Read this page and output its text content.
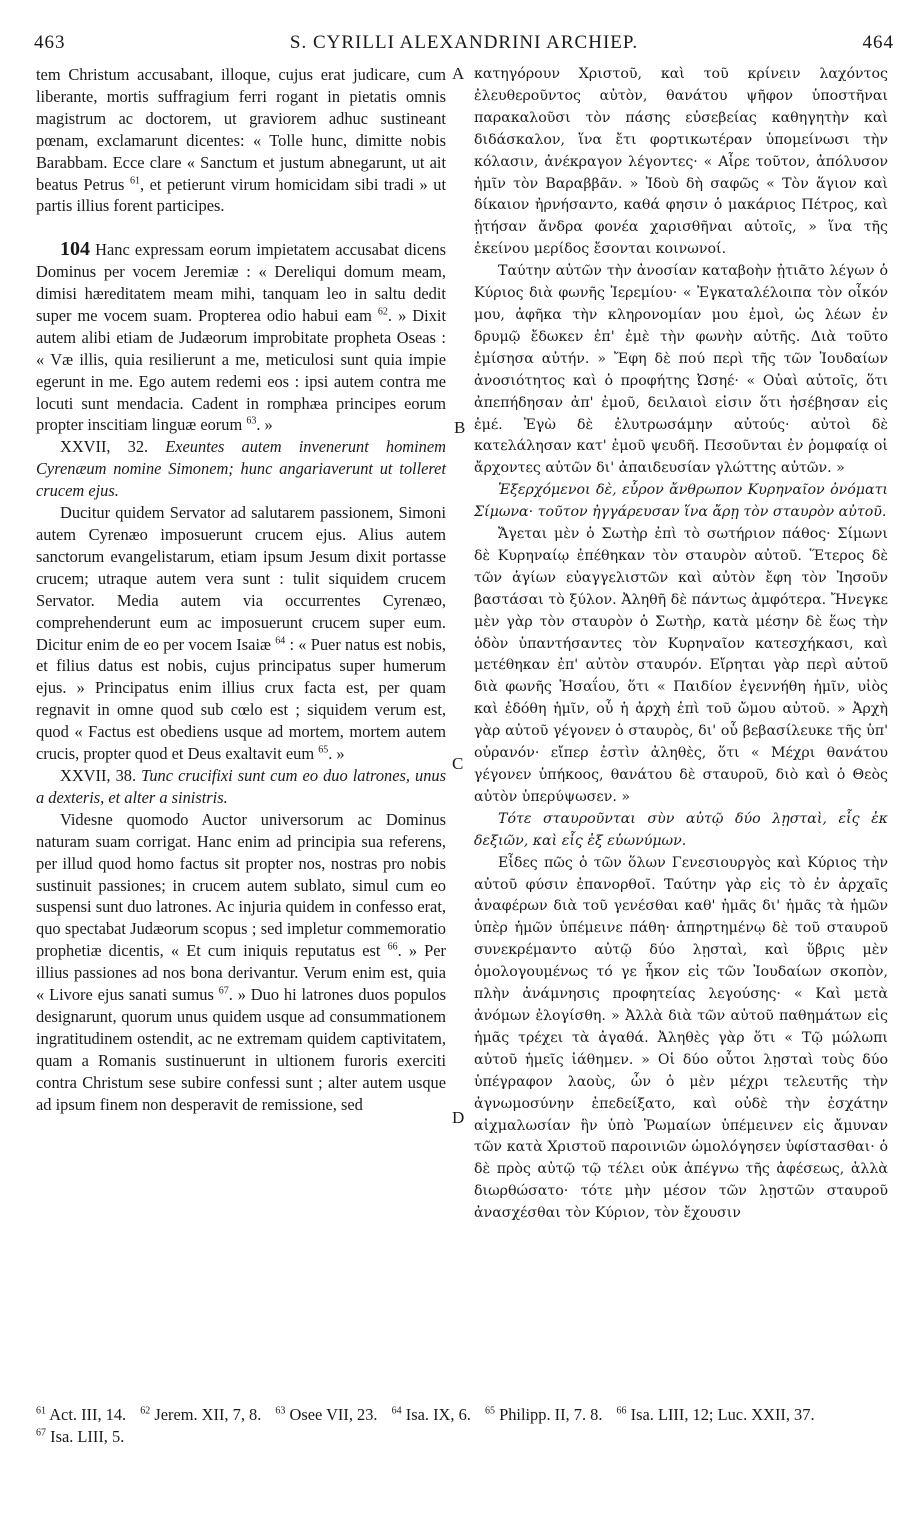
463	S. CYRILLI ALEXANDRINI ARCHIEP.	464
A
B
C
D

tem Christum accusabant, illoque, cujus erat judicare, cum liberante, mortis suffragium ferri rogant in pietatis omnis magistrum ac doctorem, ut graviorem adhuc sustineant pœnam, exclamarunt dicentes: « Tolle hunc, dimitte nobis Barabbam. Ecce clare « Sanctum et justum abnegarunt, ut ait beatus Petrus $^{61}$, et petierunt virum homicidam sibi tradi » ut partis illius forent participes.

104 Hanc expressam eorum impietatem accusabat dicens Dominus per vocem Jeremiæ : « Dereliqui domum meam, dimisi hæreditatem meam mihi, tanquam leo in saltu dedit super me vocem suam. Propterea odio habui eam $^{62}$. » Dixit autem alibi etiam de Judæorum improbitate propheta Oseas : « Væ illis, quia resilierunt a me, meticulosi sunt quia impie egerunt in me. Ego autem redemi eos : ipsi autem contra me locuti sunt mendacia. Cadent in romphæa principes eorum propter inscitiam linguæ eorum $^{63}$. »

XXVII, 32. Exeuntes autem invenerunt hominem Cyrenæum nomine Simonem; hunc angariaverunt ut tolleret crucem ejus.

Ducitur quidem Servator ad salutarem passionem, Simoni autem Cyrenæo imposuerunt crucem ejus. Alius autem sanctorum evangelistarum, etiam ipsum Jesum dixit portasse crucem; utraque autem vera sunt : tulit siquidem crucem Servator. Media autem via occurrentes Cyrenæo, comprehenderunt eum ac imposuerunt crucem super eum. Dicitur enim de eo per vocem Isaiæ $^{64}$ : « Puer natus est nobis, et filius datus est nobis, cujus principatus super humerum ejus. » Principatus enim illius crux facta est, per quam regnavit in omne quod sub cœlo est ; siquidem verum est, quod « Factus est obediens usque ad mortem, mortem autem crucis, propter quod et Deus exaltavit eum $^{65}$. »

XXVII, 38. Tunc crucifixi sunt cum eo duo latrones, unus a dexteris, et alter a sinistris.

Videsne quomodo Auctor universorum ac Dominus naturam suam corrigat. Hanc enim ad principia sua referens, per illud quod homo factus sit propter nos, nostras pro nobis sustinuit passiones; in crucem autem sublato, simul cum eo suspensi sunt duo latrones. Ac injuria quidem in confesso erat, quo spectabat Judæorum scopus ; sed impletur commemoratio prophetiæ dicentis, « Et cum iniquis reputatus est $^{66}$. » Per illius passiones ad nos bona derivantur. Verum enim est, quia « Livore ejus sanati sumus $^{67}$. » Duo hi latrones duos populos designarunt, quorum unus quidem usque ad consummationem ingratitudinem ostendit, ac ne extremam quidem captivitatem, quam a Romanis sustinuerunt in ultionem furoris exerciti contra Christum sese subire confessi sunt ; alter autem usque ad ipsum finem non desperavit de remissione, sed

κατηγόρουν Χριστοῦ, καὶ τοῦ κρίνειν λαχόντος ἐλευθεροῦντος αὐτὸν, θανάτου ψῆφον ὑποστῆναι παρακαλοῦσι τὸν πάσης εὐσεβείας καθηγητὴν καὶ διδάσκαλον, ἵνα ἔτι φορτικωτέραν ὑπομείνωσι τὴν κόλασιν, ἀνέκραγον λέγοντες· « Αἶρε τοῦτον, ἀπόλυσον ἡμῖν τὸν Βαραββᾶν. » Ἰδοὺ δὴ σαφῶς « Τὸν ἅγιον καὶ δίκαιον ἠρνήσαντο, καθά φησιν ὁ μακάριος Πέτρος, καὶ ᾐτήσαν ἄνδρα φονέα χαρισθῆναι αὐτοῖς, » ἵνα τῆς ἐκείνου μερίδος ἔσονται κοινωνοί.

Ταύτην αὐτῶν τὴν ἀνοσίαν καταβοὴν ᾐτιᾶτο λέγων ὁ Κύριος διὰ φωνῆς Ἱερεμίου· « Ἐγκαταλέλοιπα τὸν οἶκόν μου, ἀφῆκα τὴν κληρονομίαν μου ἐμοὶ, ὡς λέων ἐν δρυμῷ ἔδωκεν ἐπ' ἐμὲ τὴν φωνὴν αὐτῆς. Διὰ τοῦτο ἐμίσησα αὐτήν. » Ἔφη δὲ πού περὶ τῆς τῶν Ἰουδαίων ἀνοσιότητος καὶ ὁ προφήτης Ὠσηέ· « Οὐαὶ αὐτοῖς, ὅτι ἀπεπήδησαν ἀπ' ἐμοῦ, δειλαιοὶ εἰσιν ὅτι ἠσέβησαν εἰς ἐμέ. Ἐγὼ δὲ ἐλυτρωσάμην αὐτούς· αὐτοὶ δὲ κατελάλησαν κατ' ἐμοῦ ψευδῆ. Πεσοῦνται ἐν ῥομφαίᾳ οἱ ἄρχοντες αὐτῶν δι' ἀπαιδευσίαν γλώττης αὐτῶν. »

Ἐξερχόμενοι δὲ, εὗρον ἄνθρωπον Κυρηναῖον ὀνόματι Σίμωνα· τοῦτον ἠγγάρευσαν ἵνα ἄρῃ τὸν σταυρὸν αὐτοῦ.

Ἄγεται μὲν ὁ Σωτὴρ ἐπὶ τὸ σωτήριον πάθος· Σίμωνι δὲ Κυρηναίῳ ἐπέθηκαν τὸν σταυρὸν αὐτοῦ. Ἕτερος δὲ τῶν ἁγίων εὐαγγελιστῶν καὶ αὐτὸν ἔφη τὸν Ἰησοῦν βαστάσαι τὸ ξύλον. Ἀληθῆ δὲ πάντως ἀμφότερα. Ἤνεγκε μὲν γὰρ τὸν σταυρὸν ὁ Σωτὴρ, κατὰ μέσην δὲ ἕως τὴν ὁδὸν ὑπαντήσαντες τὸν Κυρηναῖον κατεσχήκασι, καὶ μετέθηκαν ἐπ' αὐτὸν σταυρόν. Εἴρηται γὰρ περὶ αὐτοῦ διὰ φωνῆς Ἡσαΐου, ὅτι « Παιδίον ἐγεννήθη ἡμῖν, υἱὸς καὶ ἐδόθη ἡμῖν, οὗ ἡ ἀρχὴ ἐπὶ τοῦ ὤμου αὐτοῦ. » Ἀρχὴ γὰρ αὐτοῦ γέγονεν ὁ σταυρὸς, δι' οὗ βεβασίλευκε τῆς ὑπ' οὐρανόν· εἴπερ ἐστὶν ἀληθὲς, ὅτι « Μέχρι θανάτου γέγονεν ὑπήκοος, θανάτου δὲ σταυροῦ, διὸ καὶ ὁ Θεὸς αὐτὸν ὑπερύψωσεν. »

Τότε σταυροῦνται σὺν αὐτῷ δύο λῃσταὶ, εἷς ἐκ δεξιῶν, καὶ εἷς ἐξ εὐωνύμων.

Εἶδες πῶς ὁ τῶν ὅλων Γενεσιουργὸς καὶ Κύριος τὴν αὐτοῦ φύσιν ἐπανορθοῖ. Ταύτην γὰρ εἰς τὸ ἐν ἀρχαῖς ἀναφέρων διὰ τοῦ γενέσθαι καθ' ἡμᾶς δι' ἡμᾶς τὰ ἡμῶν ὑπὲρ ἡμῶν ὑπέμεινε πάθη· ἀπηρτημένῳ δὲ τοῦ σταυροῦ συνεκρέμαντο αὐτῷ δύο λῃσταὶ, καὶ ὕβρις μὲν ὁμολογουμένως τό γε ἧκον εἰς τῶν Ἰουδαίων σκοπὸν, πλὴν ἀνάμνησις προφητείας λεγούσης· « Καὶ μετὰ ἀνόμων ἐλογίσθη. » Ἀλλὰ διὰ τῶν αὐτοῦ παθημάτων εἰς ἡμᾶς τρέχει τὰ ἀγαθά. Ἀληθὲς γὰρ ὅτι « Τῷ μώλωπι αὐτοῦ ἡμεῖς ἰάθημεν. » Οἱ δύο οὗτοι λῃσταὶ τοὺς δύο ὑπέγραφον λαοὺς, ὧν ὁ μὲν μέχρι τελευτῆς τὴν ἀγνωμοσύνην ἐπεδείξατο, καὶ οὐδὲ τὴν ἐσχάτην αἰχμαλωσίαν ἣν ὑπὸ Ῥωμαίων ὑπέμεινεν εἰς ἄμυναν τῶν κατὰ Χριστοῦ παροινιῶν ὡμολόγησεν ὑφίστασθαι· ὁ δὲ πρὸς αὐτῷ τῷ τέλει οὐκ ἀπέγνω τῆς ἀφέσεως, ἀλλὰ διωρθώσατο· τότε μὴν μέσον τῶν λῃστῶν σταυροῦ ἀνασχέσθαι τὸν Κύριον, τὸν ἔχουσιν

$^{61}$ Act. III, 14. $^{62}$ Jerem. XII, 7, 8. $^{63}$ Osee VII, 23. $^{64}$ Isa. IX, 6. $^{65}$ Philipp. II, 7. 8. $^{66}$ Isa. LIII, 12; Luc. XXII, 37. $^{67}$ Isa. LIII, 5.
